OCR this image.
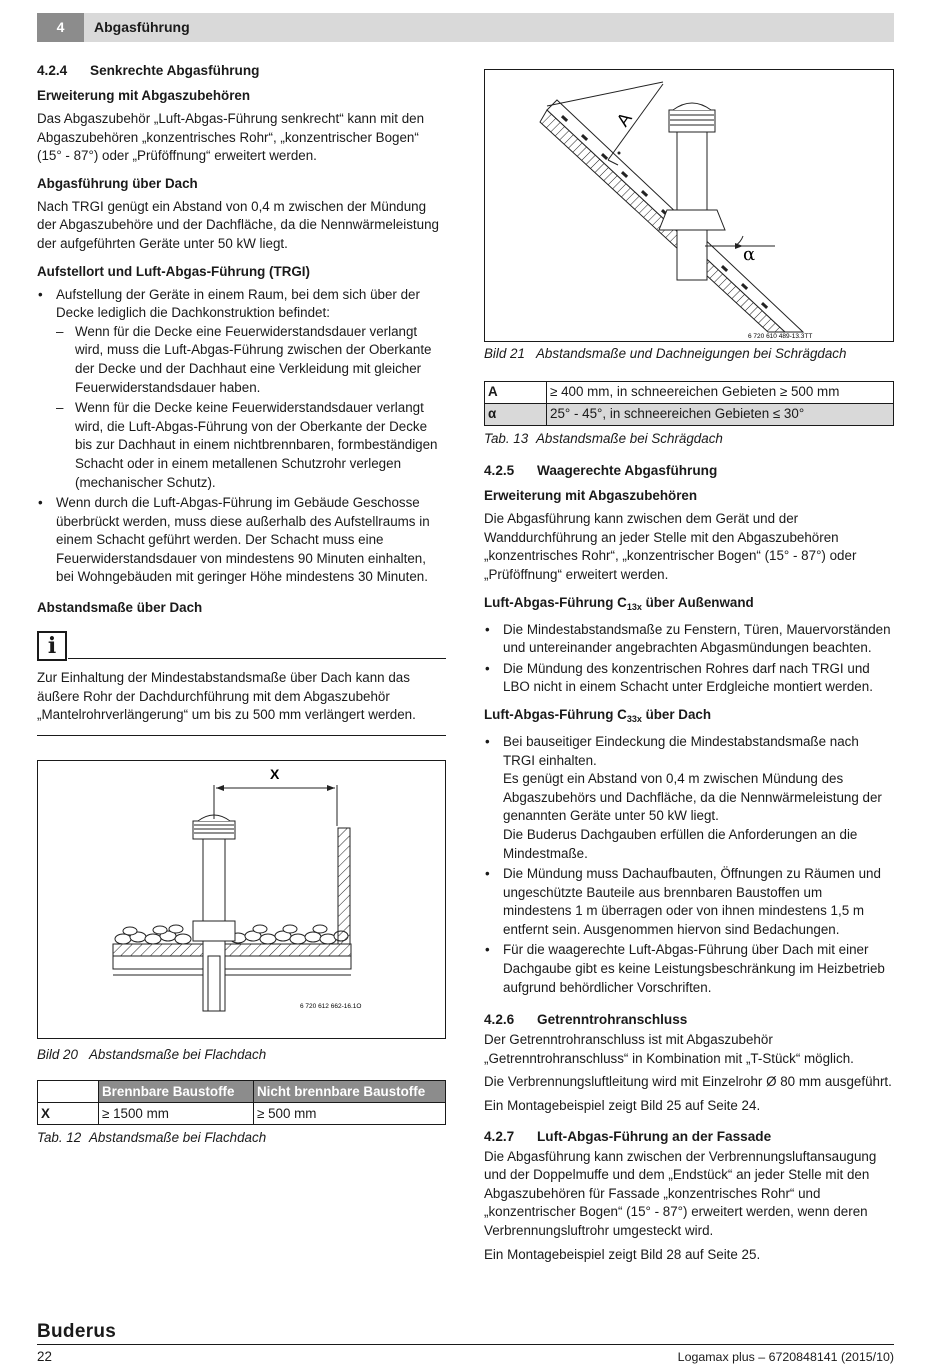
4	Abgasführung
4.2.4 Senkrechte Abgasführung
Erweiterung mit Abgaszubehören

Das Abgaszubehör „Luft-Abgas-Führung senkrecht“ kann mit den Abgaszubehören „konzentrisches Rohr“, „konzentrischer Bogen“ (15° - 87°) oder „Prüföffnung“ erweitert werden.

Abgasführung über Dach

Nach TRGI genügt ein Abstand von 0,4 m zwischen der Mündung der Abgaszubehöre und der Dachfläche, da die Nennwärmeleistung der aufgeführten Geräte unter 50 kW liegt.

Aufstellort und Luft-Abgas-Führung (TRGI)
• Aufstellung der Geräte in einem Raum, bei dem sich über der Decke lediglich die Dachkonstruktion befindet:
– Wenn für die Decke eine Feuerwiderstandsdauer verlangt wird, muss die Luft-Abgas-Führung zwischen der Oberkante der Decke und der Dachhaut eine Verkleidung mit gleicher Feuerwiderstandsdauer haben.
– Wenn für die Decke keine Feuerwiderstandsdauer verlangt wird, die Luft-Abgas-Führung von der Oberkante der Decke bis zur Dachhaut in einem nichtbrennbaren, formbeständigen Schacht oder in einem metallenen Schutzrohr verlegen (mechanischer Schutz).
• Wenn durch die Luft-Abgas-Führung im Gebäude Geschosse überbrückt werden, muss diese außerhalb des Aufstellraums in einem Schacht geführt werden. Der Schacht muss eine Feuerwiderstandsdauer von mindestens 90 Minuten einhalten, bei Wohngebäuden mit geringer Höhe mindestens 30 Minuten.
Abstandsmaße über Dach
i
Zur Einhaltung der Mindestabstandsmaße über Dach kann das äußere Rohr der Dachdurchführung mit dem Abgaszubehör „Mantelrohrverlängerung“ um bis zu 500 mm verlängert werden.
X
6 720 612 662-16.1O

Bild 20 Abstandsmaße bei Flachdach

	Brennbare Baustoffe	Nicht brennbare Baustoffe
X	≥ 1500 mm	≥ 500 mm

Tab. 12 Abstandsmaße bei Flachdach

A
α
6 720 610 489-13.3TT

Bild 21 Abstandsmaße und Dachneigungen bei Schrägdach

A	≥ 400 mm, in schneereichen Gebieten ≥ 500 mm
α	25° - 45°, in schneereichen Gebieten ≤ 30°

Tab. 13 Abstandsmaße bei Schrägdach

4.2.5 Waagerechte Abgasführung
Erweiterung mit Abgaszubehören

Die Abgasführung kann zwischen dem Gerät und der Wanddurchführung an jeder Stelle mit den Abgaszubehören „konzentrisches Rohr“, „konzentrischer Bogen“ (15° - 87°) oder „Prüföffnung“ erweitert werden.

Luft-Abgas-Führung $C_{13x}$ über Außenwand
• Die Mindestabstandsmaße zu Fenstern, Türen, Mauervorständen und untereinander angebrachten Abgasmündungen beachten.
• Die Mündung des konzentrischen Rohres darf nach TRGI und LBO nicht in einem Schacht unter Erdgleiche montiert werden.
Luft-Abgas-Führung $C_{33x}$ über Dach
• Bei bauseitiger Eindeckung die Mindestabstandsmaße nach TRGI einhalten.
Es genügt ein Abstand von 0,4 m zwischen Mündung des Abgaszubehörs und Dachfläche, da die Nennwärmeleistung der genannten Geräte unter 50 kW liegt.
Die Buderus Dachgauben erfüllen die Anforderungen an die Mindestmaße.
• Die Mündung muss Dachaufbauten, Öffnungen zu Räumen und ungeschützte Bauteile aus brennbaren Baustoffen um mindestens 1 m überragen oder von ihnen mindestens 1,5 m entfernt sein. Ausgenommen hiervon sind Bedachungen.
• Für die waagerechte Luft-Abgas-Führung über Dach mit einer Dachgaube gibt es keine Leistungsbeschränkung im Heizbetrieb aufgrund behördlicher Vorschriften.
4.2.6 Getrenntrohranschluss

Der Getrenntrohranschluss ist mit Abgaszubehör „Getrenntrohranschluss“ in Kombination mit „T-Stück“ möglich.

Die Verbrennungsluftleitung wird mit Einzelrohr Ø 80 mm ausgeführt.

Ein Montagebeispiel zeigt Bild 25 auf Seite 24.

4.2.7 Luft-Abgas-Führung an der Fassade

Die Abgasführung kann zwischen der Verbrennungsluftansaugung und der Doppelmuffe und dem „Endstück“ an jeder Stelle mit den Abgaszubehören für Fassade „konzentrisches Rohr“ und „konzentrischer Bogen“ (15° - 87°) erweitert werden, wenn deren Verbrennungsluftrohr umgesteckt wird.

Ein Montagebeispiel zeigt Bild 28 auf Seite 25.

Buderus
22	Logamax plus – 6720848141 (2015/10)
